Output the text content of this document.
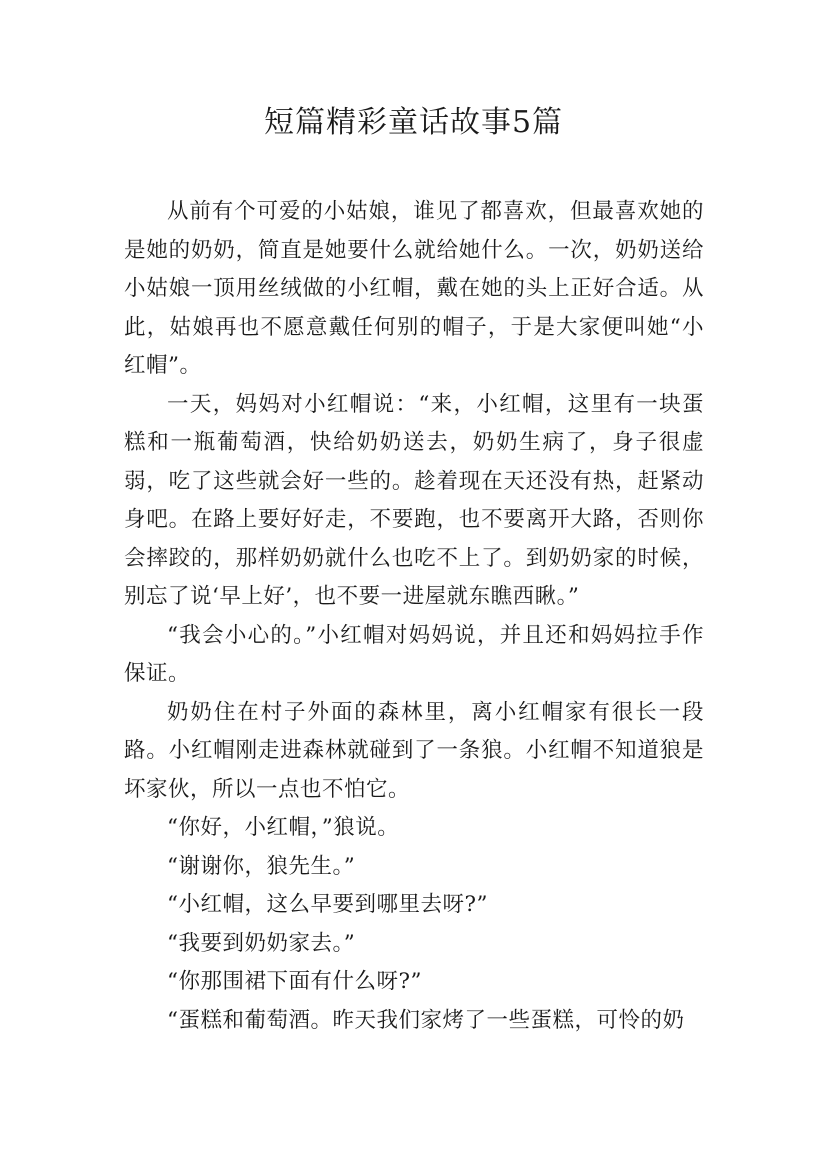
短篇精彩童话故事5篇

从前有个可爱的小姑娘，谁见了都喜欢，但最喜欢她的是她的奶奶，简直是她要什么就给她什么。一次，奶奶送给小姑娘一顶用丝绒做的小红帽，戴在她的头上正好合适。从此，姑娘再也不愿意戴任何别的帽子，于是大家便叫她“小红帽”。

一天，妈妈对小红帽说：“来，小红帽，这里有一块蛋糕和一瓶葡萄酒，快给奶奶送去，奶奶生病了，身子很虚弱，吃了这些就会好一些的。趁着现在天还没有热，赶紧动身吧。在路上要好好走，不要跑，也不要离开大路，否则你会摔跤的，那样奶奶就什么也吃不上了。到奶奶家的时候，别忘了说‘早上好’，也不要一进屋就东瞧西瞅。”

“我会小心的。”小红帽对妈妈说，并且还和妈妈拉手作保证。

奶奶住在村子外面的森林里，离小红帽家有很长一段路。小红帽刚走进森林就碰到了一条狼。小红帽不知道狼是坏家伙，所以一点也不怕它。

“你好，小红帽，”狼说。

“谢谢你，狼先生。”

“小红帽，这么早要到哪里去呀?”

“我要到奶奶家去。”

“你那围裙下面有什么呀?”

“蛋糕和葡萄酒。昨天我们家烤了一些蛋糕，可怜的奶
